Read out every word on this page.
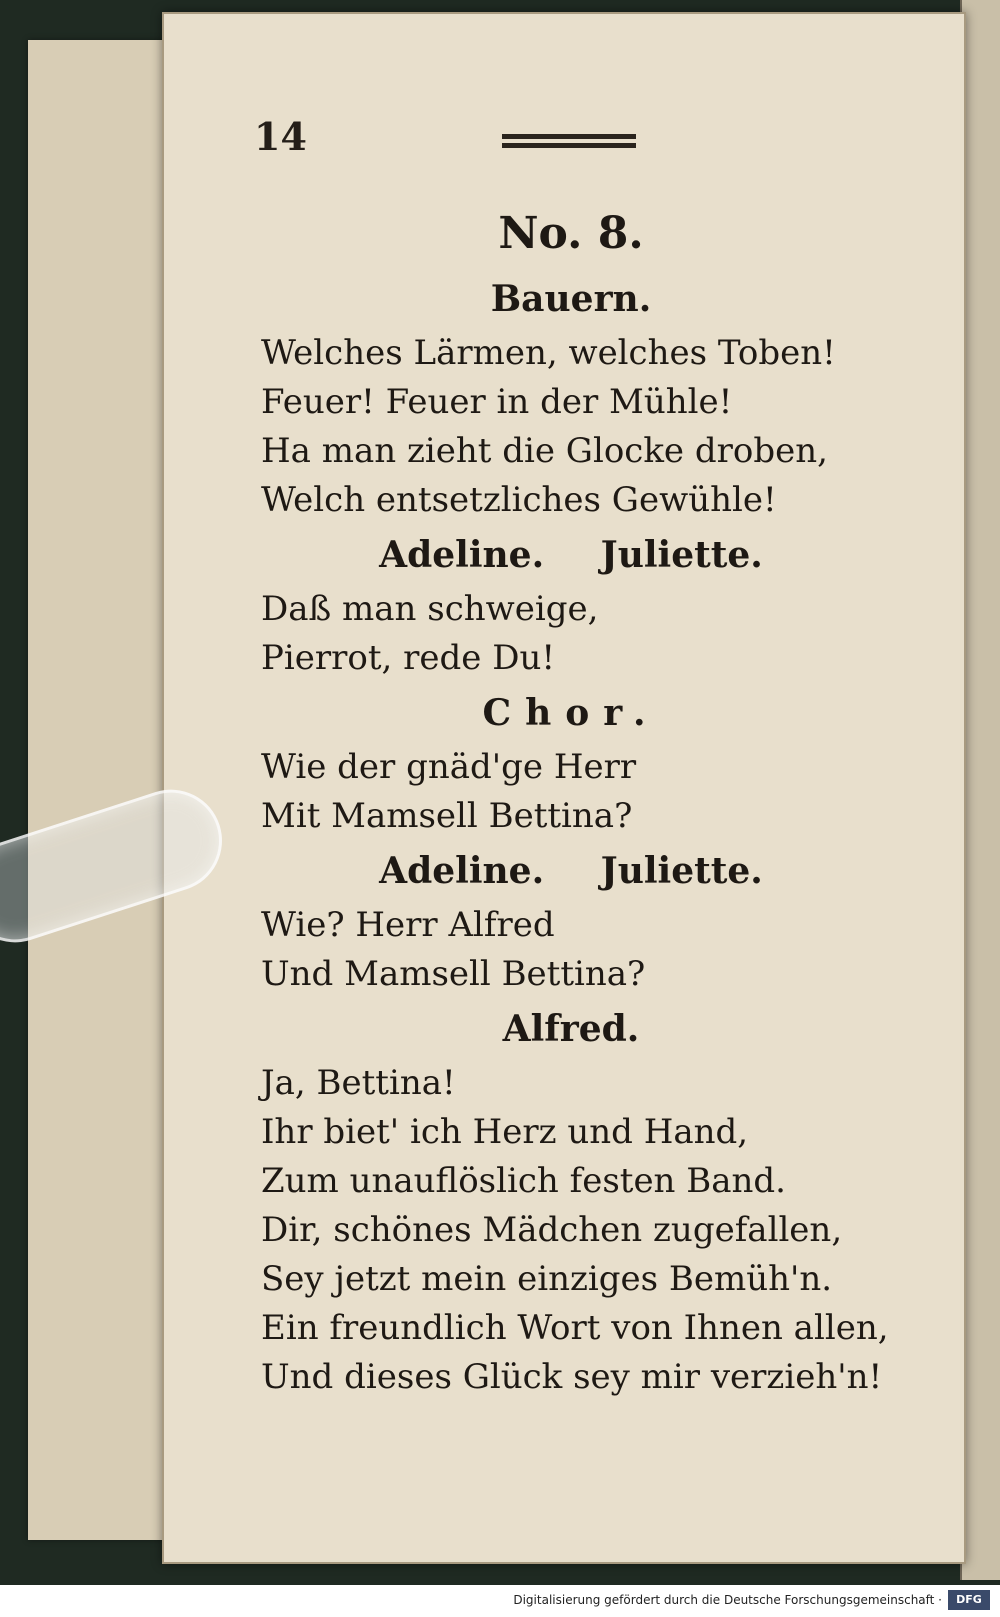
14
No. 8.
Bauern.
Welches Lärmen, welches Toben!
Feuer! Feuer in der Mühle!
Ha man zieht die Glocke droben,
Welch entsetzliches Gewühle!
Adeline. Juliette.
Daß man schweige,
Pierrot, rede Du!
Chor.
Wie der gnäd'ge Herr
Mit Mamsell Bettina?
Adeline. Juliette.
Wie? Herr Alfred
Und Mamsell Bettina?
Alfred.
Ja, Bettina!
Ihr biet' ich Herz und Hand,
Zum unauflöslich festen Band.
Dir, schönes Mädchen zugefallen,
Sey jetzt mein einziges Bemüh'n.
Ein freundlich Wort von Ihnen allen,
Und dieses Glück sey mir verzieh'n!
Digitalisierung gefördert durch die Deutsche Forschungsgemeinschaft ·	DFG
